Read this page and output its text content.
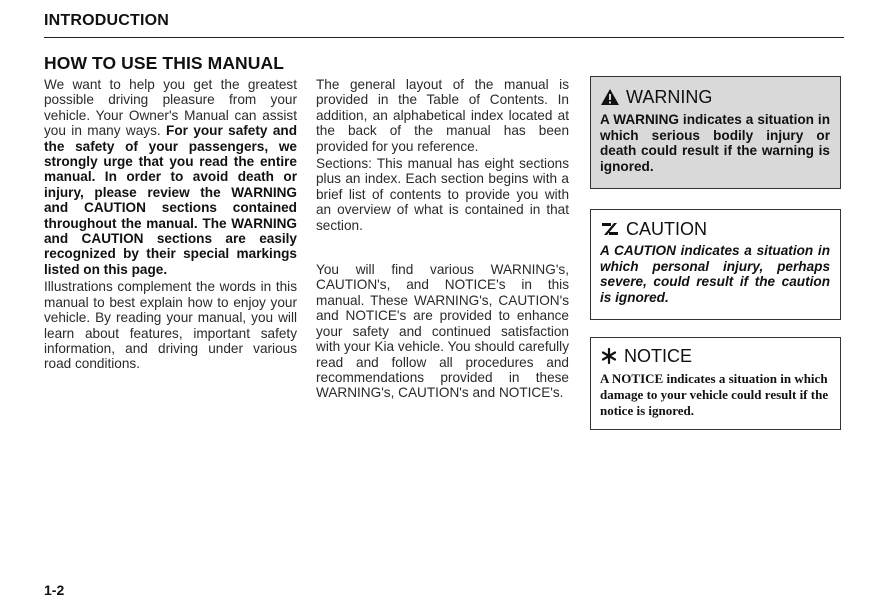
INTRODUCTION
HOW TO USE THIS MANUAL

We want to help you get the greatest possible driving pleasure from your vehicle. Your Owner's Manual can assist you in many ways. For your safety and the safety of your passengers, we strongly urge that you read the entire manual. In order to avoid death or injury, please review the WARNING and CAUTION sections contained throughout the manual. The WARNING and CAUTION sections are easily recognized by their special markings listed on this page.

Illustrations complement the words in this manual to best explain how to enjoy your vehicle. By reading your manual, you will learn about features, important safety information, and driving under various road conditions.

The general layout of the manual is provided in the Table of Contents. In addition, an alphabetical index located at the back of the manual has been provided for you reference.

Sections: This manual has eight sections plus an index. Each section begins with a brief list of contents to provide you with an overview of what is contained in that section.

You will find various WARNING's, CAUTION's, and NOTICE's in this manual. These WARNING's, CAUTION's and NOTICE's are provided to enhance your safety and continued satisfaction with your Kia vehicle. You should carefully read and follow all procedures and recommendations provided in these WARNING's, CAUTION's and NOTICE's.

WARNING
A WARNING indicates a situation in which serious bodily injury or death could result if the warning is ignored.
CAUTION
A CAUTION indicates a situation in which personal injury, perhaps severe, could result if the caution is ignored.
NOTICE
A NOTICE indicates a situation in which damage to your vehicle could result if the notice is ignored.
1-2
